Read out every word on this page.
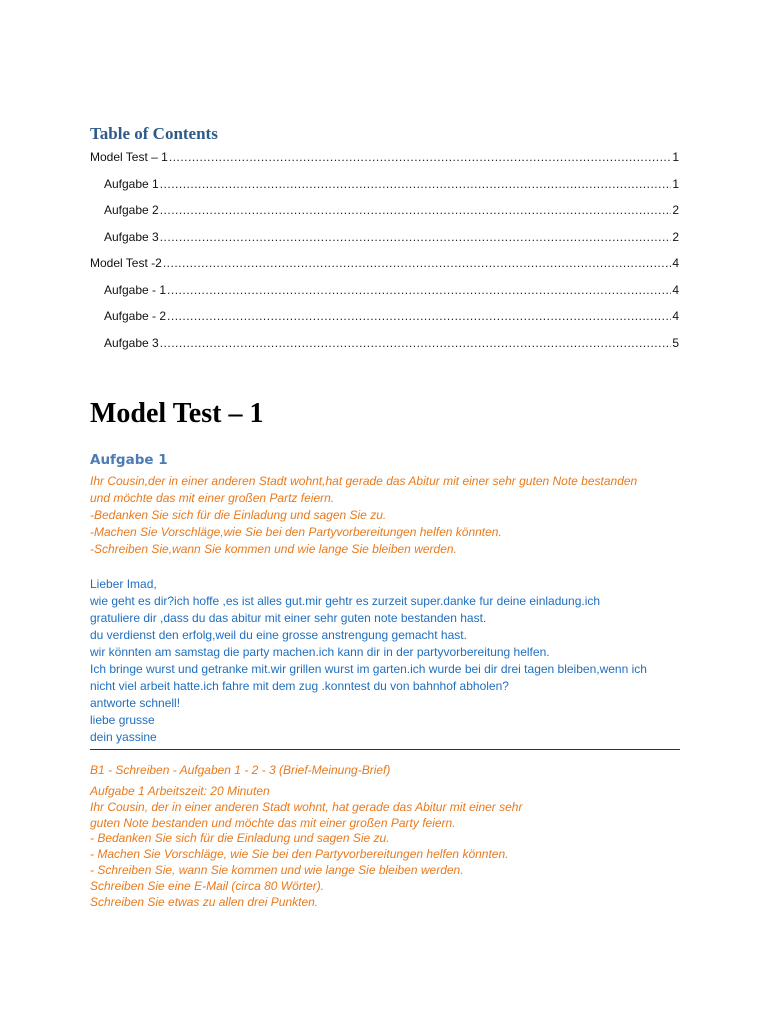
Table of Contents
Model Test – 1 .....	1
Aufgabe 1 .....	1
Aufgabe 2 .....	2
Aufgabe 3 .....	2
Model Test -2 .....	4
Aufgabe - 1 .....	4
Aufgabe - 2 .....	4
Aufgabe 3 .....	5
Model Test – 1
Aufgabe 1
Ihr Cousin,der in einer anderen Stadt wohnt,hat gerade das Abitur mit einer sehr guten Note bestanden
und möchte das mit einer großen Partz feiern.
-Bedanken Sie sich für die Einladung und sagen Sie zu.
-Machen Sie Vorschläge,wie Sie bei den Partyvorbereitungen helfen könnten.
-Schreiben Sie,wann Sie kommen und wie lange Sie bleiben werden.
Lieber Imad,
wie geht es dir?ich hoffe ,es ist alles gut.mir gehtr es zurzeit super.danke fur deine einladung.ich
gratuliere dir ,dass du das abitur mit einer sehr guten note bestanden hast.
du verdienst den erfolg,weil du eine grosse anstrengung gemacht hast.
wir könnten am samstag die party machen.ich kann dir in der partyvorbereitung helfen.
Ich bringe wurst und getranke mit.wir grillen wurst im garten.ich wurde bei dir drei tagen bleiben,wenn ich
nicht viel arbeit hatte.ich fahre mit dem zug .konntest du von bahnhof abholen?
antworte schnell!
liebe grusse
dein yassine
B1 - Schreiben - Aufgaben 1 - 2 - 3 (Brief-Meinung-Brief)
Aufgabe 1 Arbeitszeit: 20 Minuten
Ihr Cousin, der in einer anderen Stadt wohnt, hat gerade das Abitur mit einer sehr
guten Note bestanden und möchte das mit einer großen Party feiern.
- Bedanken Sie sich für die Einladung und sagen Sie zu.
- Machen Sie Vorschläge, wie Sie bei den Partyvorbereitungen helfen könnten.
- Schreiben Sie, wann Sie kommen und wie lange Sie bleiben werden.
Schreiben Sie eine E-Mail (circa 80 Wörter).
Schreiben Sie etwas zu allen drei Punkten.
